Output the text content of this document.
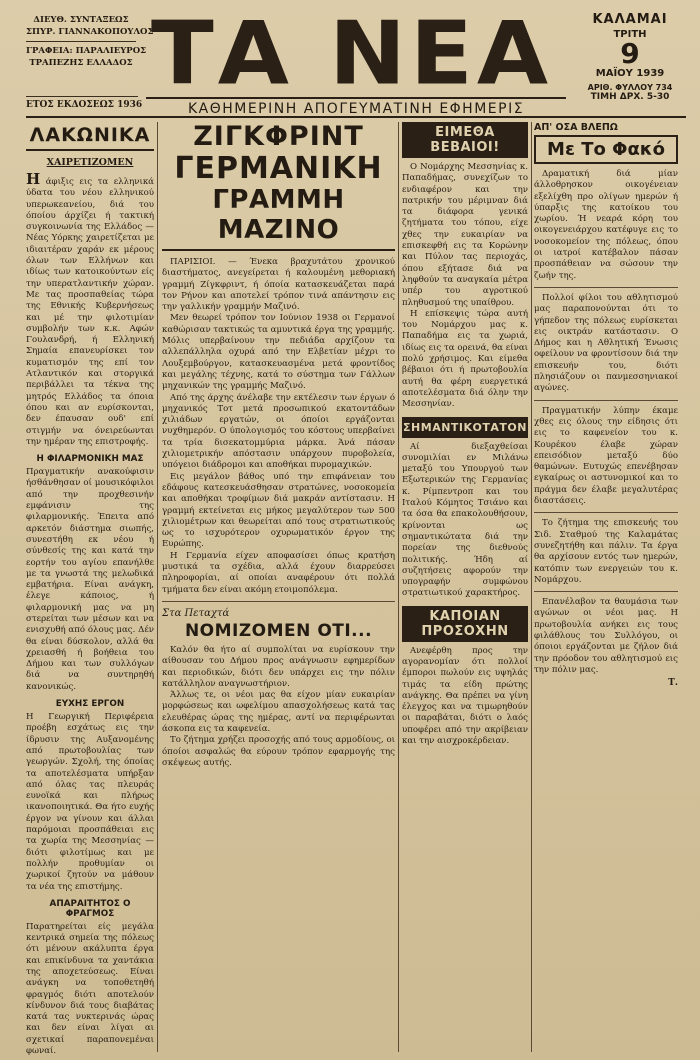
ΔΙΕΥΘ. ΣΥΝΤΑΞΕΩΣ
ΣΠΥΡ. ΓΙΑΝΝΑΚΟΠΟΥΛΟΣ
ΓΡΑΦΕΙΑ: ΠΑΡΑΛΙΕΥΡΟΣ
ΤΡΑΠΕΖΗΣ ΕΛΛΑΔΟΣ
ΕΤΟΣ ΕΚΔΟΣΕΩΣ 1936
ΤΑ ΝΕΑ
ΚΑΘΗΜΕΡΙΝΗ ΑΠΟΓΕΥΜΑΤΙΝΗ ΕΦΗΜΕΡΙΣ
ΚΑΛΑΜΑΙ
ΤΡΙΤΗ
9
ΜΑΪΟΥ 1939
ΑΡΙΘ. ΦΥΛΛΟΥ 734
ΤΙΜΗ ΔΡΧ. 5-30
ΛΑΚΩΝΙΚΑ
ΧΑΙΡΕΤΙΖΟΜΕΝ
Η άφιξις εις τα ελληνικά ύδατα του νέου ελληνικού υπερωκεανείου, διά του όποίου άρχίζει ή τακτική συγκοινωνία της Ελλάδος — Νέας Υόρκης χαιρετίζεται με ιδιαιτέραν χαράν εκ μέρους όλων των Ελλήνων και ιδίως των κατοικούντων είς την υπερατλαντικήν χώραν. Με τας προσπαθείας τώρα της Εθνικής Κυβερνήσεως και μέ την φιλοτιμίαν συμβολήν των κ.κ. Αφών Γουλανδρή, ή Ελληνική Σημαία επανευρίσκει τον κυματισμόν της επί τον Ατλαντικόν και στοργικά περιβάλλει τα τέκνα της μητρός Ελλάδος τα όποια όπου και αν ευρίσκονται, δεν έπαυσαν ουδ' επί στιγμήν να όνειρεύωνται την ημέραν της επιστροφής.
Η ΦΙΛΑΡΜΟΝΙΚΗ ΜΑΣ
Πραγματικήν ανακούφισιν ήσθάνθησαν οί μουσικόφιλοι από την προχθεσινήν εμφάνισιν της φιλαρμονικής. Έπειτα από αρκετόν διάστημα σιωπής, συνεστήθη εκ νέου ή σύνθεσίς της και κατά την εορτήν του αγίου επανήλθε με τα γνωστά της μελωδικά εμβατήρια. Είναι ανάγκη, έλεγε κάποιος, ή φιλαρμονική μας να μη στερείται των μέσων και να ενισχυθή από όλους μας. Δέν θα είναι δύσκολον, αλλά θα χρειασθή ή βοήθεια του Δήμου και των συλλόγων διά να συντηρηθή κανονικώς.
ΕΥΧΗΣ ΕΡΓΟΝ
Η Γεωργική Περιφέρεια προέβη εσχάτως εις την ίδρυσιν της Αυξανομένης από πρωτοβουλίας των γεωργών. Σχολή, της όποίας τα αποτελέσματα υπήρξαν από όλας τας πλευράς ευνοϊκά και πλήρως ικανοποιητικά. Θα ήτο ευχής έργον να γίνουν και άλλαι παρόμοιαι προσπάθειαι εις τα χωρία της Μεσσηνίας — διότι φιλοτίμως και με πολλήν προθυμίαν οι χωρικοί ζητούν να μάθουν τα νέα της επιστήμης.
ΑΠΑΡΑΙΤΗΤΟΣ Ο ΦΡΑΓΜΟΣ
Παρατηρείται είς μεγάλα κεντρικά σημεία της πόλεως ότι μένουν ακάλυπτα έργα και επικίνδυνα τα χαντάκια της αποχετεύσεως. Είναι ανάγκη να τοποθετηθή φραγμός διότι αποτελούν κίνδυνον διά τους διαβάτας κατά τας νυκτερινάς ώρας και δεν είναι λίγαι αι σχετικαί παραπονεμέναι φωναί.
ΖΙΓΚΦΡΙΝΤ
ΓΕΡΜΑΝΙΚΗ
ΓΡΑΜΜΗ ΜΑΖΙΝΟ

ΠΑΡΙΣΙΟΙ. — Ένεκα βραχυτάτου χρονικού διαστήματος, ανεγείρεται ή καλουμένη μεθοριακή γραμμή Ζίγκφριντ, ή όποία κατασκευάζεται παρά τον Ρήνον και αποτελεί τρόπον τινά απάντησιν εις την γαλλικήν γραμμήν Μαζινό.

Μεν θεωρεί τρόπον τον Ιούνιον 1938 οι Γερμανοί καθώρισαν τακτικώς τα αμυντικά έργα της γραμμής. Μόλις υπερβαίνουν την πεδιάδα αρχίζουν τα αλλεπάλληλα οχυρά από την Ελβετίαν μέχρι το Λουξεμβούργον, κατασκευασμένα μετά φροντίδος και μεγάλης τέχνης, κατά το σύστημα των Γάλλων μηχανικών της γραμμής Μαζινό.

Από της άρχης άνέλαβε την εκτέλεσιν των έργων ό μηχανικός Τοτ μετά προσωπικού εκατοντάδων χιλιάδων εργατών, οι όποίοι εργάζονται νυχθημερόν. Ο ύπολογισμός του κόστους υπερβαίνει τα τρία δισεκατομμύρια μάρκα. Άνά πάσαν χιλιομετρικήν απόστασιν υπάρχουν πυροβολεία, υπόγειοι διάδρομοι και αποθήκαι πυρομαχικών.

Εις μεγάλον βάθος υπό την επιφάνειαν του εδάφους κατεσκευάσθησαν στρατώνες, νοσοκομεία και αποθήκαι τροφίμων διά μακράν αντίστασιν. Η γραμμή εκτείνεται εις μήκος μεγαλύτερον των 500 χιλιομέτρων και θεωρείται από τους στρατιωτικούς ως το ισχυρότερον οχυρωματικόν έργον της Ευρώπης.

Η Γερμανία είχεν αποφασίσει όπως κρατήση μυστικά τα σχέδια, αλλά έχουν διαρρεύσει πληροφορίαι, αί οποίαι αναφέρουν ότι πολλά τμήματα δεν είναι ακόμη ετοιμοπόλεμα.

Στα Πεταχτά
ΝΟΜΙΖΟΜΕΝ ΟΤΙ...

Καλόν θα ήτο αί συμπολίται να ευρίσκουν την αίθουσαν του Δήμου προς ανάγνωσιν εφημερίδων και περιοδικών, διότι δεν υπάρχει εις την πόλιν κατάλληλον αναγνωστήριον.

Άλλως τε, οι νέοι μας θα είχον μίαν ευκαιρίαν μορφώσεως και ωφελίμου απασχολήσεως κατά τας ελευθέρας ώρας της ημέρας, αντί να περιφέρωνται άσκοπα εις τα καφενεία.

Το ζήτημα χρήζει προσοχής από τους αρμοδίους, οι όποίοι ασφαλώς θα εύρουν τρόπον εφαρμογής της σκέψεως αυτής.

ΕΙΜΕΘΑ ΒΕΒΑΙΟΙ!

Ο Νομάρχης Μεσσηνίας κ. Παπαδήμας, συνεχίζων το ενδιαφέρον και την πατρικήν του μέριμναν διά τα διάφορα γενικά ζητήματα του τόπου, είχε χθες την ευκαιρίαν να επισκεφθή εις τα Κορώνην και Πύλον τας περιοχάς, όπου εξήτασε διά να ληφθούν τα αναγκαία μέτρα υπέρ του αγροτικού πληθυσμού της υπαίθρου.

Η επίσκεψις τώρα αυτή του Νομάρχου μας κ. Παπαδήμα εις τα χωριά, ιδίως εις τα ορεινά, θα είναι πολύ χρήσιμος. Και είμεθα βέβαιοι ότι ή πρωτοβουλία αυτή θα φέρη ευεργετικά αποτελέσματα διά όλην την Μεσσηνίαν.

ΣΗΜΑΝΤΙΚΟΤΑΤΟΝ

Αί διεξαχθείσαι συνομιλίαι εν Μιλάνω μεταξύ του Υπουργού των Εξωτερικών της Γερμανίας κ. Ρίμπεντροπ και του Ιταλού Κόμητος Τσιάνο και τα όσα θα επακολουθήσουν, κρίνονται ως σημαντικώτατα διά την πορείαν της διεθνούς πολιτικής. Ήδη αί συζητήσεις αφορούν την υπογραφήν συμφώνου στρατιωτικού χαρακτήρος.

ΚΑΠΟΙΑΝ ΠΡΟΣΟΧΗΝ

Ανεφέρθη προς την αγορανομίαν ότι πολλοί έμποροι πωλούν εις υψηλάς τιμάς τα είδη πρώτης ανάγκης. Θα πρέπει να γίνη έλεγχος και να τιμωρηθούν οι παραβάται, διότι ο λαός υποφέρει από την ακρίβειαν και την αισχροκέρδειαν.

ΑΠ' ΟΣΑ ΒΛΕΠΩ
Με Το Φακό

Δραματική διά μίαν άλλοθρησκον οικογένειαν εξελίχθη προ ολίγων ημερών ή ύπαρξις της κατοίκου του χωρίου. Ή νεαρά κόρη του οικογενειάρχου κατέφυγε εις το νοσοκομείον της πόλεως, όπου οι ιατροί κατέβαλον πάσαν προσπάθειαν να σώσουν την ζωήν της.

Πολλοί φίλοι του αθλητισμού μας παραπονούνται ότι το γήπεδον της πόλεως ευρίσκεται εις οικτράν κατάστασιν. Ο Δήμος και η Αθλητική Ένωσις οφείλουν να φροντίσουν διά την επισκευήν του, διότι πλησιάζουν οι πανμεσσηνιακοί αγώνες.

Πραγματικήν λύπην έκαμε χθες εις όλους την είδησις ότι εις το καφενείον του κ. Κουρέκου έλαβε χώραν επεισόδιον μεταξύ δύο θαμώνων. Ευτυχώς επενέβησαν εγκαίρως οι αστυνομικοί και το πράγμα δεν έλαβε μεγαλυτέρας διαστάσεις.

Το ζήτημα της επισκευής του Σιδ. Σταθμού της Καλαμάτας συνεζητήθη και πάλιν. Τα έργα θα αρχίσουν εντός των ημερών, κατόπιν των ενεργειών του κ. Νομάρχου.

Επανέλαβον τα θαυμάσια των αγώνων οι νέοι μας. Η πρωτοβουλία ανήκει εις τους φιλάθλους του Συλλόγου, οι όποιοι εργάζονται με ζήλον διά την πρόοδον του αθλητισμού εις την πόλιν μας.

Τ.
